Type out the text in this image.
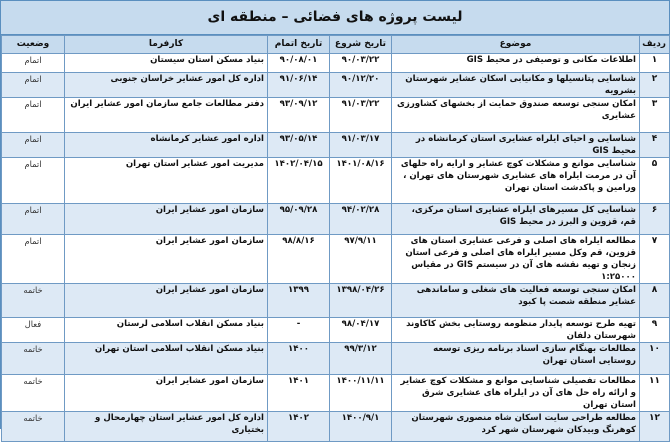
لیست پروژه های فضائی – منطقه ای
ردیف	موضوع	تاریخ شروع	تاریخ اتمام	کارفرما	وضعیت
۱	اطلاعات مکانی و توصیفی در محیط GIS	۹۰/۰۳/۲۲	۹۰/۰۸/۰۱	بنیاد مسکن استان سیستان	اتمام
۲	شناسایی پتانسیلها و مکانیابی اسکان عشایر شهرستان بشرویه	۹۰/۱۲/۲۰	۹۱/۰۶/۱۴	اداره کل امور عشایر خراسان جنوبی	اتمام
۳	امکان سنجی توسعه صندوق حمایت از بخشهای کشاورزی عشایری	۹۱/۰۳/۲۲	۹۳/۰۹/۱۲	دفتر مطالعات جامع سازمان امور عشایر ایران	اتمام
۴	شناسایی و احیای ایلراه عشایری استان کرمانشاه در محیط GIS	۹۱/۰۳/۱۷	۹۳/۰۵/۱۴	اداره امور عشایر کرمانشاه	اتمام
۵	شناسایی موانع و مشکلات کوچ عشایر و ارایه راه حلهای آن در مرمت ایلراه های عشایری شهرستان های تهران ، ورامین و پاکدشت استان تهران	۱۴۰۱/۰۸/۱۶	۱۴۰۲/۰۴/۱۵	مدیریت امور عشایر استان تهران	اتمام
۶	شناسایی کل مسیرهای ایلراه عشایری استان مرکزی، قم، قزوین و البرز در محیط GIS	۹۴/۰۲/۲۸	۹۵/۰۹/۲۸	سازمان امور عشایر ایران	اتمام
۷	مطالعه ایلراه های اصلی و فرعی عشایری استان های قزوین، قم وکل مسیر ایلراه های اصلی و فرعی استان زنجان و تهیه نقشه های آن در سیستم GIS در مقیاس ۱:۲۵۰۰۰	۹۷/۹/۱۱	۹۸/۸/۱۶	سازمان امور عشایر ایران	اتمام
۸	امکان سنجی توسعه فعالیت های شغلی و ساماندهی عشایر منطقه شصت پا کبود	۱۳۹۸/۰۴/۲۶	۱۳۹۹	سازمان امور عشایر ایران	خاتمه
۹	تهیه طرح توسعه پایدار منظومه روستایی بخش کاکاوند شهرستان دلفان	۹۸/۰۴/۱۷	-	بنیاد مسکن انقلاب اسلامی لرستان	فعال
۱۰	مطالعات بهنگام سازی اسناد برنامه ریزی توسعه روستایی استان تهران	۹۹/۳/۱۲	۱۴۰۰	بنیاد مسکن انقلاب اسلامی استان تهران	خاتمه
۱۱	مطالعات تفصیلی شناسایی موانع و مشکلات کوچ عشایر و ارائه راه حل های آن در ایلراه های عشایری شرق استان تهران	۱۴۰۰/۱۱/۱۱	۱۴۰۱	سازمان امور عشایر ایران	خاتمه
۱۲	مطالعه طراحی سایت اسکان شاه منصوری شهرستان کوهرنگ وبیدکان شهرستان شهر کرد	۱۴۰۰/۹/۱	۱۴۰۲	اداره کل امور عشایر استان چهارمحال و بختیاری	خاتمه
